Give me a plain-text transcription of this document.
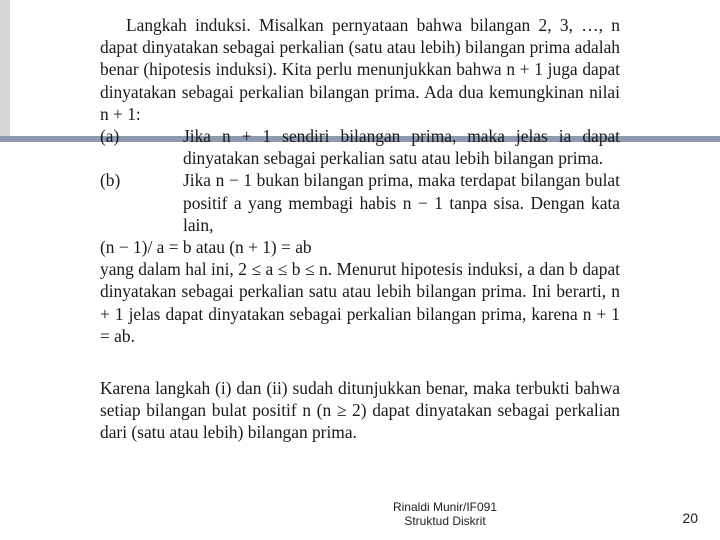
Langkah induksi. Misalkan pernyataan bahwa bilangan 2, 3, …, n dapat dinyatakan sebagai perkalian (satu atau lebih) bilangan prima adalah benar (hipotesis induksi). Kita perlu menunjukkan bahwa n + 1 juga dapat dinyatakan sebagai perkalian bilangan prima. Ada dua kemungkinan nilai n + 1:

(a)	Jika n + 1 sendiri bilangan prima, maka jelas ia dapat dinyatakan sebagai perkalian satu atau lebih bilangan prima.
(b)	Jika n − 1 bukan bilangan prima, maka terdapat bilangan bulat positif a yang membagi habis n − 1 tanpa sisa. Dengan kata lain,

(n − 1)/ a = b atau (n + 1) = ab

yang dalam hal ini, 2 ≤ a ≤ b ≤ n. Menurut hipotesis induksi, a dan b dapat dinyatakan sebagai perkalian satu atau lebih bilangan prima. Ini berarti, n + 1 jelas dapat dinyatakan sebagai perkalian bilangan prima, karena n + 1 = ab.

Karena langkah (i) dan (ii) sudah ditunjukkan benar, maka terbukti bahwa setiap bilangan bulat positif n (n ≥ 2) dapat dinyatakan sebagai perkalian dari (satu atau lebih) bilangan prima.

Rinaldi Munir/IF091 Struktud Diskrit	20
